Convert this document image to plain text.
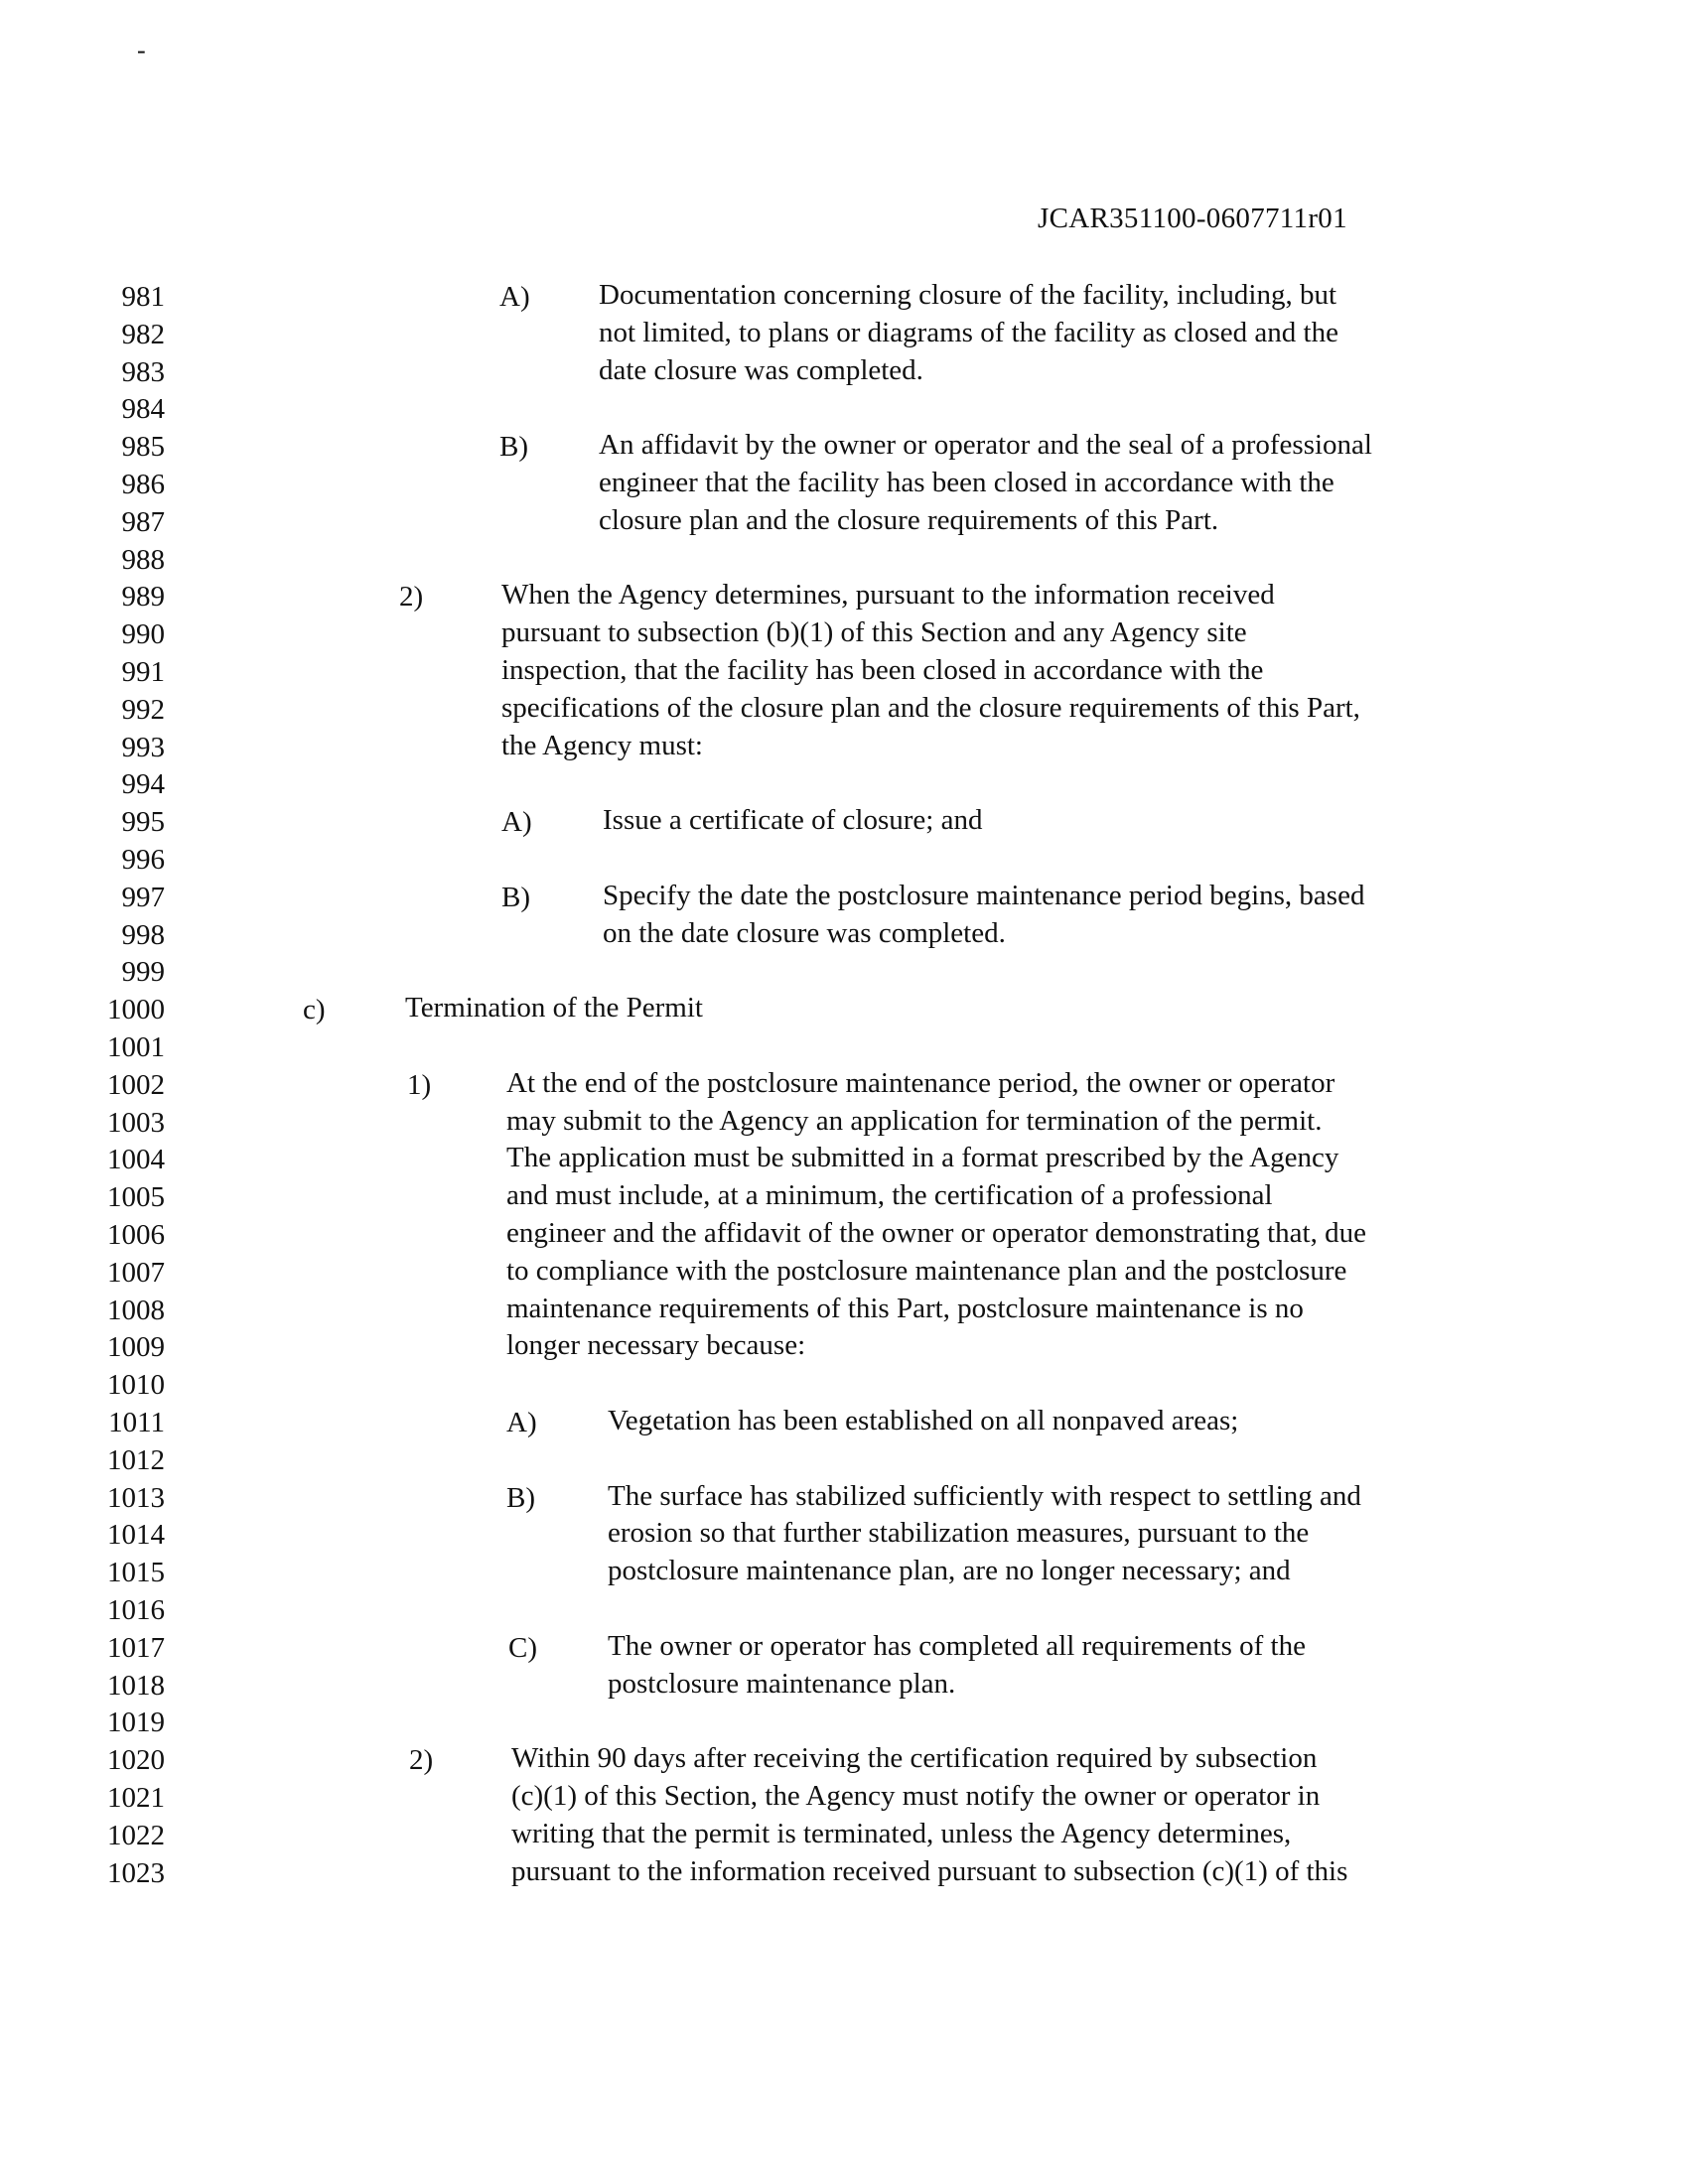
-
JCAR351100-0607711r01
981
982
983
984
985
986
987
988
989
990
991
992
993
994
995
996
997
998
999
1000
1001
1002
1003
1004
1005
1006
1007
1008
1009
1010
1011
1012
1013
1014
1015
1016
1017
1018
1019
1020
1021
1022
1023
A) Documentation concerning closure of the facility, including, but
not limited, to plans or diagrams of the facility as closed and the
date closure was completed.
B) An affidavit by the owner or operator and the seal of a professional
engineer that the facility has been closed in accordance with the
closure plan and the closure requirements of this Part.
2)	When the Agency determines, pursuant to the information received
pursuant to subsection (b)(1) of this Section and any Agency site
inspection, that the facility has been closed in accordance with the
specifications of the closure plan and the closure requirements of this Part,
the Agency must:
A) Issue a certificate of closure; and
B)	Specify the date the postclosure maintenance period begins, based
on the date closure was completed.
c)	Termination of the Permit
1)	At the end of the postclosure maintenance period, the owner or operator
may submit to the Agency an application for termination of the permit.
The application must be submitted in a format prescribed by the Agency
and must include, at a minimum, the certification of a professional
engineer and the affidavit of the owner or operator demonstrating that, due
to compliance with the postclosure maintenance plan and the postclosure
maintenance requirements of this Part, postclosure maintenance is no
longer necessary because:
A) Vegetation has been established on all nonpaved areas;
B)	The surface has stabilized sufficiently with respect to settling and
erosion so that further stabilization measures, pursuant to the
postclosure maintenance plan, are no longer necessary; and
C) The owner or operator has completed all requirements of the
postclosure maintenance plan.
2)	Within 90 days after receiving the certification required by subsection
(c)(1) of this Section, the Agency must notify the owner or operator in
writing that the permit is terminated, unless the Agency determines,
pursuant to the information received pursuant to subsection (c)(1) of this
